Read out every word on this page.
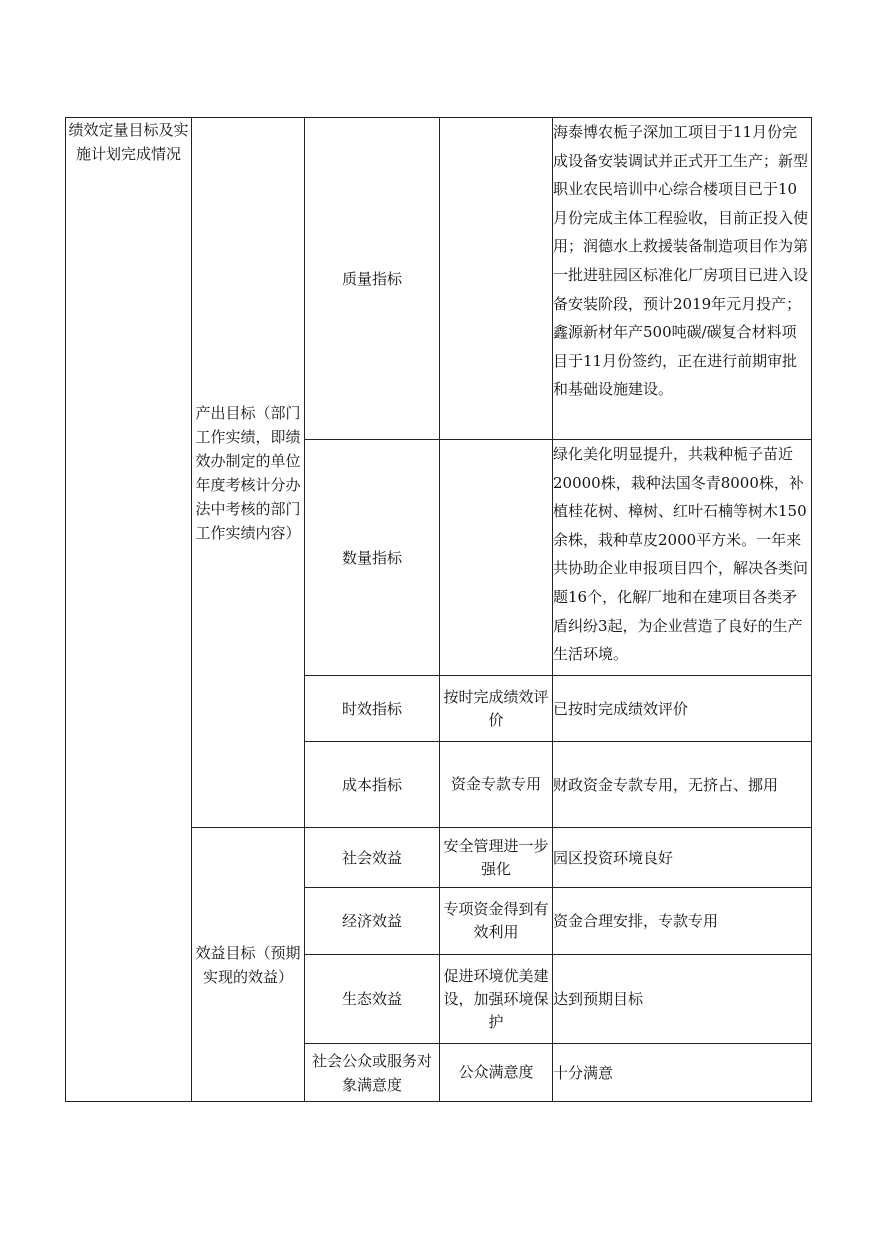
绩效定量目标及实施计划完成情况	产出目标（部门工作实绩，即绩效办制定的单位年度考核计分办法中考核的部门工作实绩内容）	质量指标		海泰博农栀子深加工项目于11月份完成设备安装调试并正式开工生产；新型职业农民培训中心综合楼项目已于10月份完成主体工程验收，目前正投入使用；润德水上救援装备制造项目作为第一批进驻园区标准化厂房项目已进入设备安装阶段，预计2019年元月投产；鑫源新材年产500吨碳/碳复合材料项目于11月份签约，正在进行前期审批和基础设施建设。

		数量指标		绿化美化明显提升，共栽种栀子苗近20000株，栽种法国冬青8000株，补植桂花树、樟树、红叶石楠等树木150余株，栽种草皮2000平方米。一年来共协助企业申报项目四个，解决各类问题16个，化解厂地和在建项目各类矛盾纠纷3起，为企业营造了良好的生产生活环境。

		时效指标	按时完成绩效评价	已按时完成绩效评价

		成本指标	资金专款专用	财政资金专款专用，无挤占、挪用

	效益目标（预期实现的效益）	社会效益	安全管理进一步强化	园区投资环境良好

		经济效益	专项资金得到有效利用	资金合理安排，专款专用

		生态效益	促进环境优美建设，加强环境保护	达到预期目标

		社会公众或服务对象满意度	公众满意度	十分满意
